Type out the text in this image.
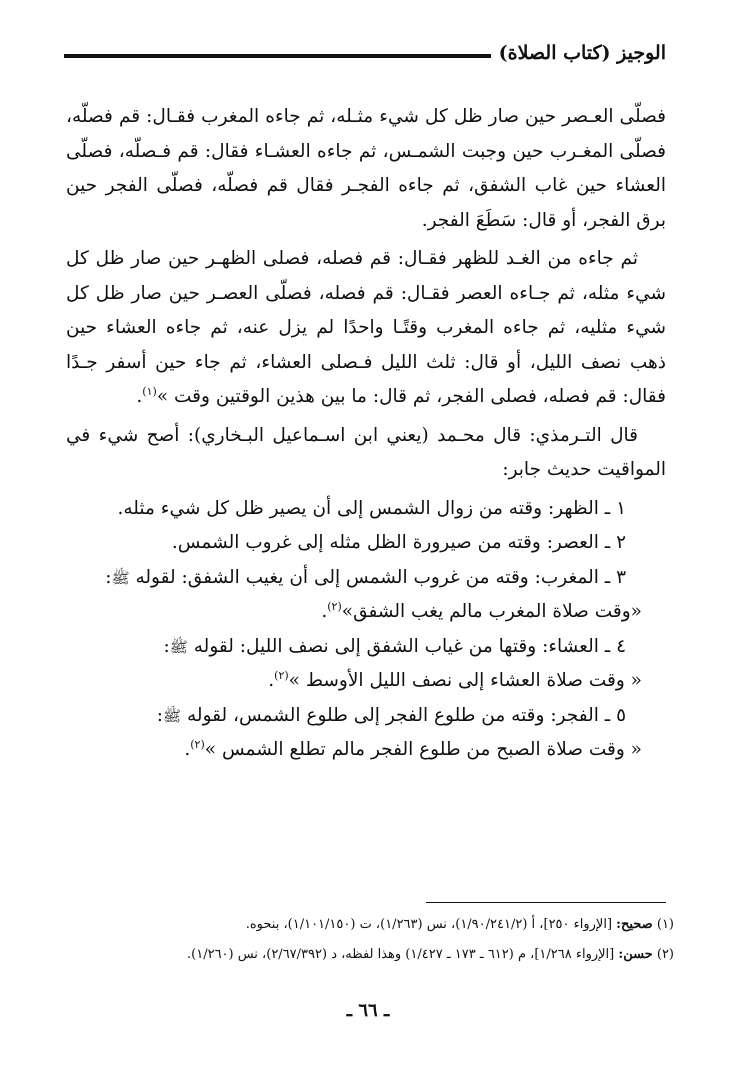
الوجيز (كتاب الصلاة)

فصلّى العـصر حين صار ظل كل شيء مثـله، ثم جاءه المغرب فقـال: قم فصلّه، فصلّى المغـرب حين وجبت الشمـس، ثم جاءه العشـاء فقال: قم فـصلّه، فصلّى العشاء حين غاب الشفق، ثم جاءه الفجـر فقال قم فصلّه، فصلّى الفجر حين برق الفجر، أو قال: سَطَعَ الفجر.

ثم جاءه من الغـد للظهر فقـال: قم فصله، فصلى الظهـر حين صار ظل كل شيء مثله، ثم جـاءه العصر فقـال: قم فصله، فصلّى العصـر حين صار ظل كل شيء مثليه، ثم جاءه المغرب وقتًـا واحدًا لم يزل عنه، ثم جاءه العشاء حين ذهب نصف الليل، أو قال: ثلث الليل فـصلى العشاء، ثم جاء حين أسفر جـدًا فقال: قم فصله، فصلى الفجر، ثم قال: ما بين هذين الوقتين وقت »$^{(١)}$.

قال التـرمذي: قال محـمد (يعني ابن اسـماعيل البـخاري): أصح شيء في المواقيت حديث جابر:

١ ـ الظهر: وقته من زوال الشمس إلى أن يصير ظل كل شيء مثله.
٢ ـ العصر: وقته من صيرورة الظل مثله إلى غروب الشمس.
٣ ـ المغرب: وقته من غروب الشمس إلى أن يغيب الشفق: لقوله ﷺ:
«وقت صلاة المغرب مالم يغب الشفق»$^{(٢)}$.
٤ ـ العشاء: وقتها من غياب الشفق إلى نصف الليل: لقوله ﷺ:
« وقت صلاة العشاء إلى نصف الليل الأوسط »$^{(٢)}$.
٥ ـ الفجر: وقته من طلوع الفجر إلى طلوع الشمس، لقوله ﷺ:
« وقت صلاة الصبح من طلوع الفجر مالم تطلع الشمس »$^{(٢)}$.
(١) صحيح: [الإرواء ٢٥٠]، أ (١/٩٠/٢٤١/٢)، نس (١/٢٦٣)، ت (١/١٠١/١٥٠)، بنحوه.
(٢) حسن: [الإرواء ١/٢٦٨]، م (٦١٢ ـ ١٧٣ ـ ١/٤٢٧) وهذا لفظه، د (٢/٦٧/٣٩٢)، نس (١/٢٦٠).
ـ ٦٦ ـ
